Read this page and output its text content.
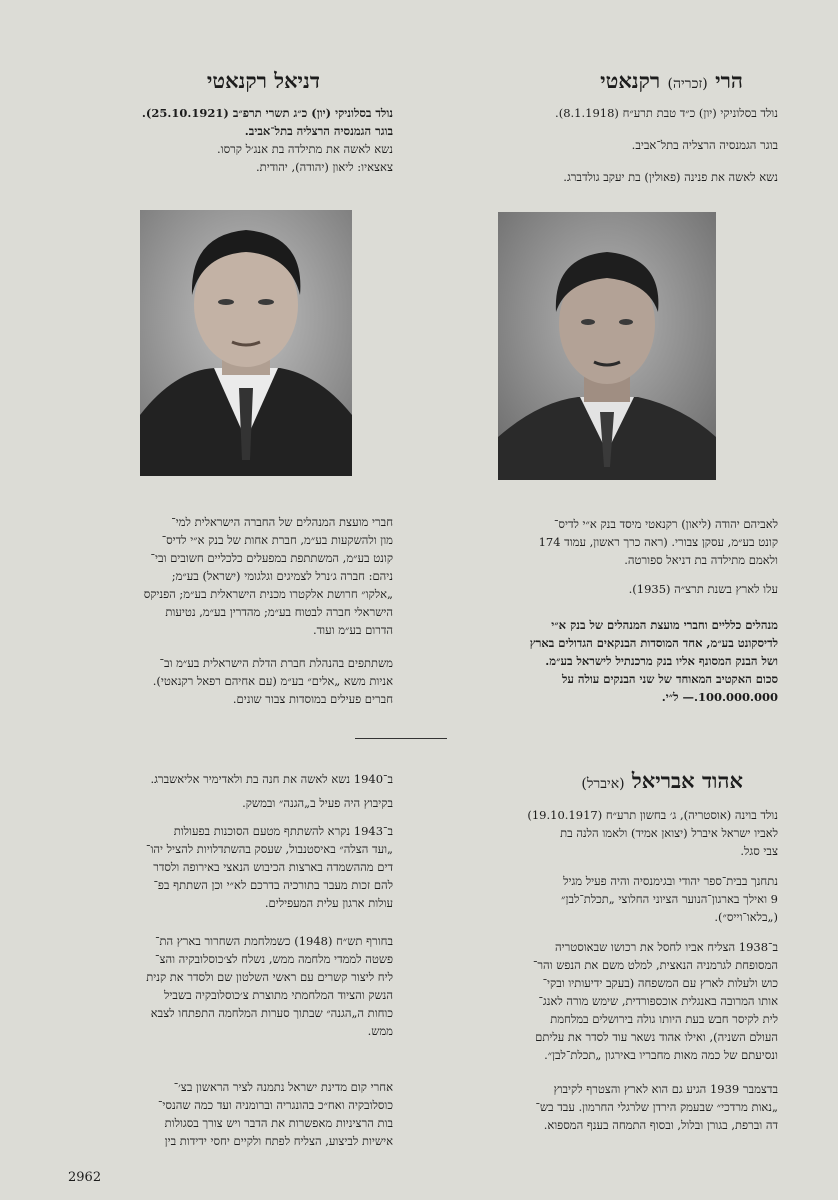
הרי (זכריה) רקנאטי

נולד בסלוניקי (יון) כ״ד טבת תרע״ח (8.1.1918).

בוגר הגמנסיה הרצליה בתל־אביב.

נשא לאשה את פנינה (פאולין) בת יעקב גולדברג.

לאביהם יהודה (ליאון) רקנאטי מיסד בנק א״י לדיס־
קונט בע״מ, עסקן צבורי. (ראה כרך ראשון, עמוד 174
ולאמם מתילדה בת דניאל ספורטה.

עלו לארץ בשנת תרצ״ה (1935).

מנהלים כלליים וחברי מועצת המנהלים של בנק א״י
לדיסקונט בע״מ, אחד המוסדות הבנקאים הגדולים בארץ
ושל הבנק המסונף אליו בנק מרכנתיל לישראל בע״מ.
סכום האקטיב המאוחד של שני הבנקים עולה על
100.000.000.— ל״י.

דניאל רקנאטי

נולד בסלוניקי (יון) כ״ג תשרי תרפ״ב (25.10.1921).
בוגר הגמנסיה הרצליה בתל־אביב.
נשא לאשה את מתילדה בת אנג׳ל קרסו.
צאצאיו: ליאון (יהודה), יהודית.

חברי מועצת המנהלים של החברה הישראלית למי־
מון ולהשקעות בע״מ, חברת אחות של בנק א״י לדיס־
קונט בע״מ, המשתתפת במפעלים כלכליים חשובים ובי־
ניהם: חברה ג׳נרל לצמיגים וגלגומי (ישראל) בע״מ;
„אלקו״ חרושת אלקטרו מכנית הישראלית בע״מ; הפניקס
הישראלי חברה לבטוח בע״מ; מהדרין בע״מ, נטיעות
הדרום בע״מ ועוד.

משתתפים בהנהלת חברת הדלת הישראלית בע״מ וב־
אניות משא „אלים״ בע״מ (עם אחיהם רפאל רקנאטי).
חברים פעילים במוסדות צבור שונים.

אהוד אבריאל (איברל)

נולד בוינה (אוסטריה), ג׳ בחשון תרע״ח (19.10.1917)
לאביו ישראל איברל (יצואן אמיד) ולאמו הלנה בת
צבי סגל.

נתחנך בבית־ספר יהודי ובגימנסיה והיה פעיל מגיל
9 ואילך בארגון־הנוער הציוני החלוצי „תכלת־לבן״
(„בלאו־וייס״).

ב־1938 הצליח אביו לחסל את רכושו שבאוסטריה
המסופחת לגרמניה הנאצית, למלט משם את הנפש והר־
כוש ולעלות לארץ עם המשפחה (בעקב ידיעותיו ובקי־
אותו המרובה באנגלית אוכספורדית, שימש מורה לאנג־
לית לקיסר חבש בעת היותו גולה בירושלים במלחמת
העולם השניה), ואילו אהוד נשאר עוד לסדר את עליתם
ונסיעתם של כמה מאות מחבריו באירגון „תכלת־לבן״.

בדצמבר 1939 הגיע גם הוא לארץ והצטרף לקיבוץ
„נאות מרדכי״ שבעמק הירדן שלרגלי החרמון. עבד בש־
דה וברפת, בגורן ובלול, ובסוף התמחה בענף המספוא.

ב־1940 נשא לאשה את חנה בת ולאדימיר אליאשברג.

בקיבוץ היה פעיל ב„הגנה״ ובמשק.

ב־1943 נקרא להשתתף מטעם הסוכנות בפעולות
„ועד הצלה״ באיסטנבול, שעסק בהשתדלויות להציל יהו־
דים מההשמדה בארצות הכיבוש הנאצי באירופה ולסדר
להם זכות מעבר בתורכיה בדרכם לא״י וכן השתתף בפ־
עולות ארגון עלית המעפילים.

בחורף תש״ח (1948) כשמלחמת השחרור בארץ הת־
פשטה לממדי מלחמה ממש, נשלח לצ׳כוסלובקיה והצ־
ליח ליצור קשרים עם ראשי השלטון שם ולסדר את קנית
הנשק והציוד המלחמתי מתוצרת צ׳כוסלובקיה בשביל
כוחות ה„הגנה״ שבתוך סערות המלחמה התפתחו לצבא
ממש.

אחרי קום מדינת ישראל נתמנה לציר הראשון בצ׳־
כוסלובקיה ואח״כ בהונגריה וברומניה ועד כמה שהנסי־
בות הרציניות מאפשרות את הדבר ויש צורך בסגולות
אישיות לביצוע, הצליח לפתח ולקיים יחסי ידידות בין

2962
